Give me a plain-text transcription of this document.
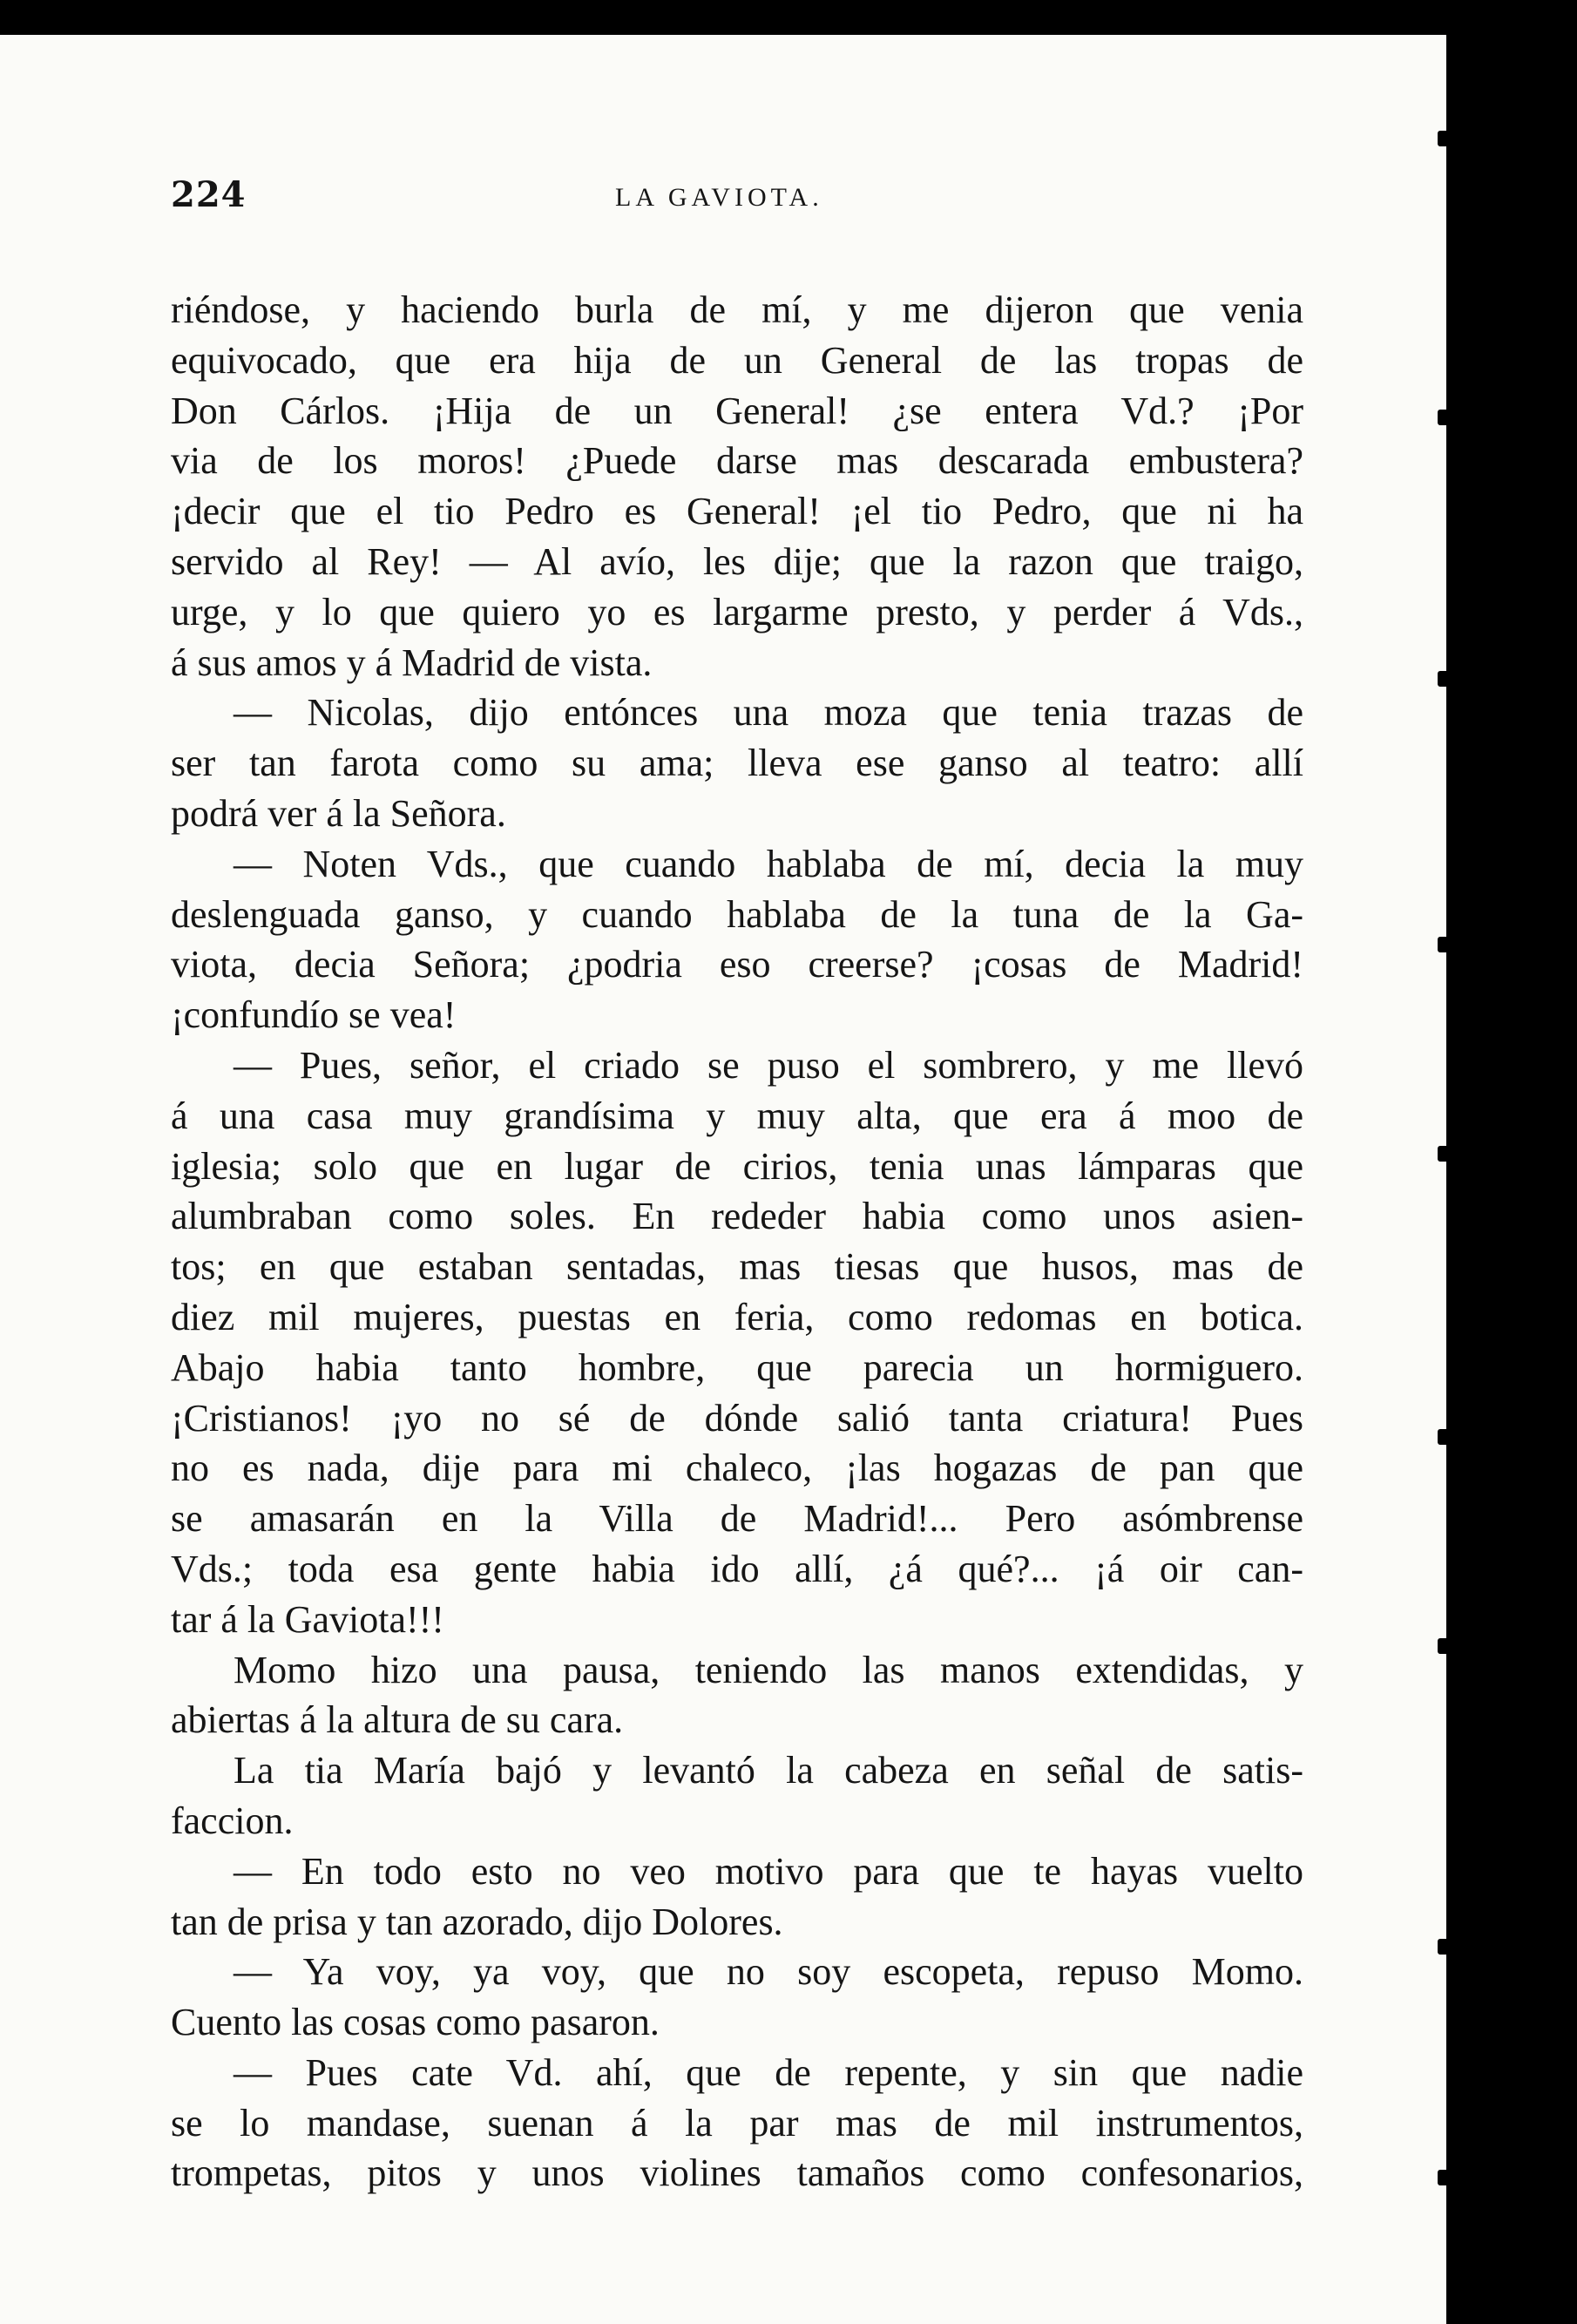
224	LA GAVIOTA.
riéndose, y haciendo burla de mí, y me dijeron que venia
equivocado, que era hija de un General de las tropas de
Don Cárlos. ¡Hija de un General! ¿se entera Vd.? ¡Por
via de los moros! ¿Puede darse mas descarada embustera?
¡decir que el tio Pedro es General! ¡el tio Pedro, que ni ha
servido al Rey! — Al avío, les dije; que la razon que traigo,
urge, y lo que quiero yo es largarme presto, y perder á Vds.,
á sus amos y á Madrid de vista.
— Nicolas, dijo entónces una moza que tenia trazas de
ser tan farota como su ama; lleva ese ganso al teatro: allí
podrá ver á la Señora.
— Noten Vds., que cuando hablaba de mí, decia la muy
deslenguada ganso, y cuando hablaba de la tuna de la Ga-
viota, decia Señora; ¿podria eso creerse? ¡cosas de Madrid!
¡confundío se vea!
— Pues, señor, el criado se puso el sombrero, y me llevó
á una casa muy grandísima y muy alta, que era á moo de
iglesia; solo que en lugar de cirios, tenia unas lámparas que
alumbraban como soles. En rededer habia como unos asien-
tos; en que estaban sentadas, mas tiesas que husos, mas de
diez mil mujeres, puestas en feria, como redomas en botica.
Abajo habia tanto hombre, que parecia un hormiguero.
¡Cristianos! ¡yo no sé de dónde salió tanta criatura! Pues
no es nada, dije para mi chaleco, ¡las hogazas de pan que
se amasarán en la Villa de Madrid!... Pero asómbrense
Vds.; toda esa gente habia ido allí, ¿á qué?... ¡á oir can-
tar á la Gaviota!!!
Momo hizo una pausa, teniendo las manos extendidas, y
abiertas á la altura de su cara.
La tia María bajó y levantó la cabeza en señal de satis-
faccion.
— En todo esto no veo motivo para que te hayas vuelto
tan de prisa y tan azorado, dijo Dolores.
— Ya voy, ya voy, que no soy escopeta, repuso Momo.
Cuento las cosas como pasaron.
— Pues cate Vd. ahí, que de repente, y sin que nadie
se lo mandase, suenan á la par mas de mil instrumentos,
trompetas, pitos y unos violines tamaños como confesonarios,
